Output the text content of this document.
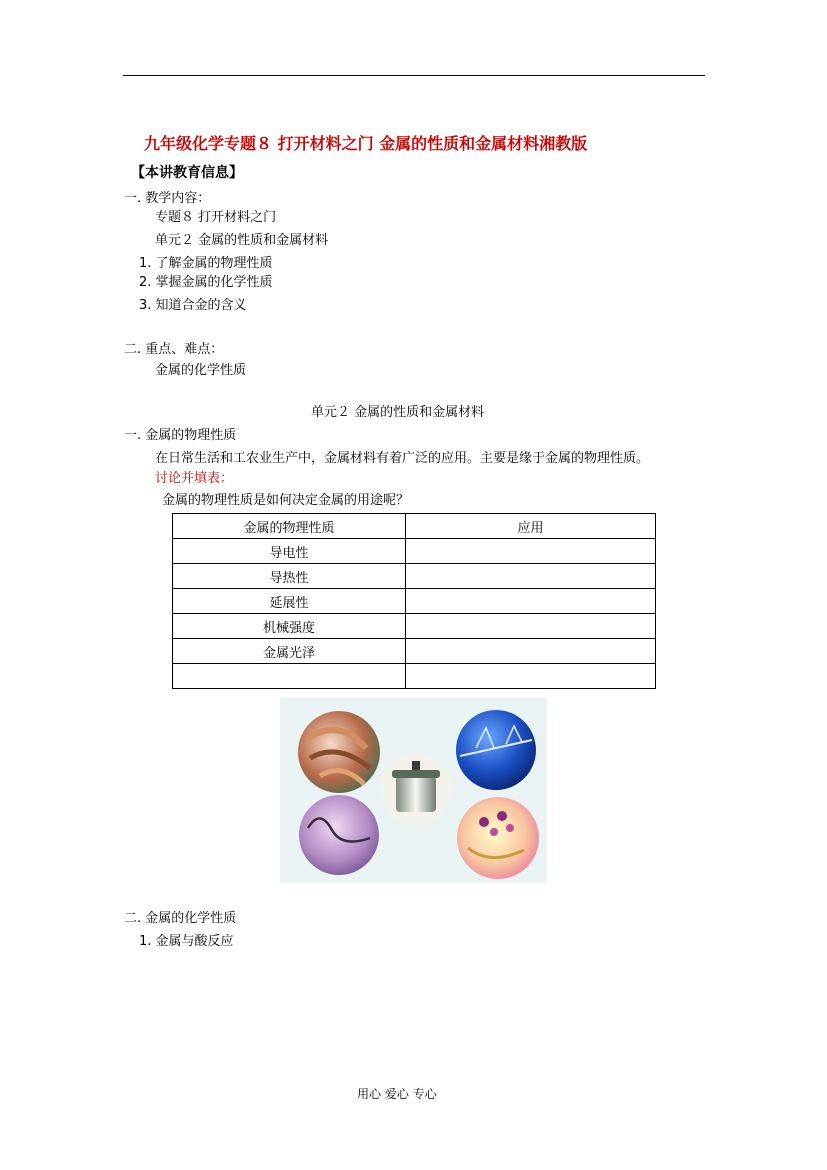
九年级化学专题８ 打开材料之门 金属的性质和金属材料湘教版
【本讲教育信息】
一. 教学内容：
专题８ 打开材料之门
单元２ 金属的性质和金属材料
1. 了解金属的物理性质
2. 掌握金属的化学性质
3. 知道合金的含义
二. 重点、难点：
金属的化学性质
单元２ 金属的性质和金属材料
一. 金属的物理性质
在日常生活和工农业生产中，金属材料有着广泛的应用。主要是缘于金属的物理性质。
讨论并填表：
金属的物理性质是如何决定金属的用途呢？
金属的物理性质	应用
导电性	
导热性	
延展性	
机械强度	
金属光泽	

二. 金属的化学性质
1. 金属与酸反应
用心 爱心 专心
